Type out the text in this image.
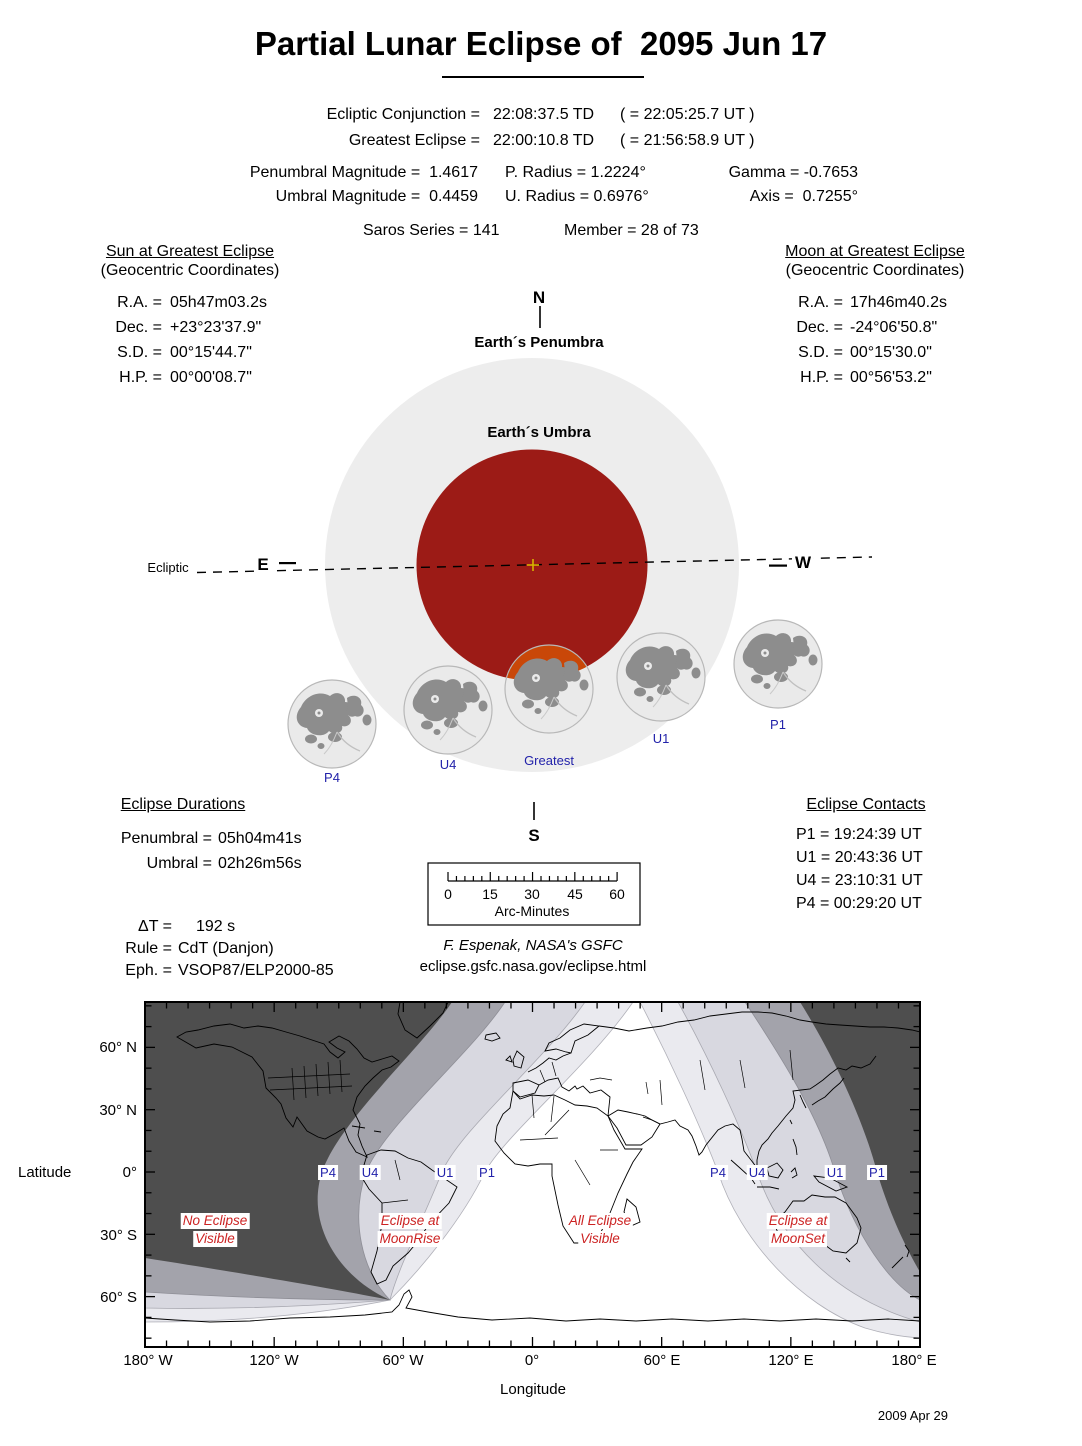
Partial Lunar Eclipse of  2095 Jun 17
Ecliptic Conjunction = 22:08:37.5 TD ( = 22:05:25.7 UT )
Greatest Eclipse = 22:00:10.8 TD ( = 21:56:58.9 UT )
Penumbral Magnitude =  1.4617 P. Radius = 1.2224°	Gamma = -0.7653
Umbral Magnitude =  0.4459 U. Radius = 0.6976°	Axis =  0.7255°
Saros Series = 141	Member = 28 of 73
Sun at Greatest Eclipse
(Geocentric Coordinates)
R.A. = 05h47m03.2s
Dec. = +23°23'37.9"
S.D. = 00°15'44.7"
H.P. = 00°00'08.7"
Moon at Greatest Eclipse
(Geocentric Coordinates)
R.A. = 17h46m40.2s
Dec. = -24°06'50.8"
S.D. = 00°15'30.0"
H.P. = 00°56'53.2"
N
Earth´s Penumbra
Earth´s Umbra
Ecliptic	E	W
P4
U4	Greatest
U1
P1
S
Eclipse Durations
Penumbral = 05h04m41s
Umbral = 02h26m56s
ΔT = 192 s
Rule = CdT (Danjon)
Eph. = VSOP87/ELP2000-85
Eclipse Contacts
P1 = 19:24:39 UT
U1 = 20:43:36 UT
U4 = 23:10:31 UT
P4 = 00:29:20 UT
0 15 30 45 60
Arc-Minutes
F. Espenak, NASA's GSFC
eclipse.gsfc.nasa.gov/eclipse.html
Latitude
60° N
30° N
0°
30° S
60° S
180° W	120° W	60° W	0°	60° E	120° E	180° E
Longitude
No Eclipse
Visible
Eclipse at
MoonRise
All Eclipse
Visible
Eclipse at
MoonSet
P4 U4	U1 P1	P4 U4	U1 P1
2009 Apr 29
